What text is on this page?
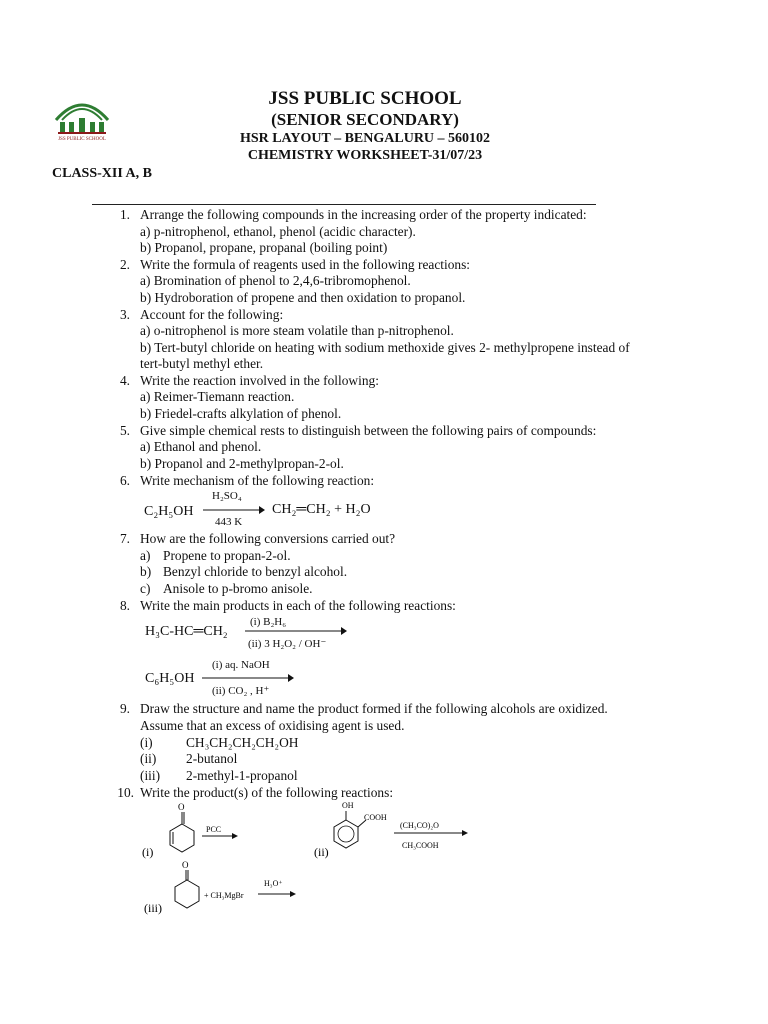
JSS PUBLIC SCHOOL
JSS PUBLIC SCHOOL
(SENIOR SECONDARY)
HSR LAYOUT – BENGALURU – 560102
CHEMISTRY WORKSHEET-31/07/23
CLASS-XII A, B
1. Arrange the following compounds in the increasing order of the property indicated:
a) p-nitrophenol, ethanol, phenol (acidic character).
b) Propanol, propane, propanal (boiling point)
2. Write the formula of reagents used in the following reactions:
a) Bromination of phenol to 2,4,6-tribromophenol.
b) Hydroboration of propene and then oxidation to propanol.
3. Account for the following:
a) o-nitrophenol is more steam volatile than p-nitrophenol.
b) Tert-butyl chloride on heating with sodium methoxide gives 2- methylpropene instead of
tert-butyl methyl ether.
4. Write the reaction involved in the following:
a) Reimer-Tiemann reaction.
b) Friedel-crafts alkylation of phenol.
5. Give simple chemical rests to distinguish between the following pairs of compounds:
a) Ethanol and phenol.
b) Propanol and 2-methylpropan-2-ol.
6. Write mechanism of the following reaction:
C₂H₅OH
H₂SO₄
443 K
CH₂═CH₂ + H₂O
7. How are the following conversions carried out?
a) Propene to propan-2-ol.
b) Benzyl chloride to benzyl alcohol.
c) Anisole to p-bromo anisole.
8. Write the main products in each of the following reactions:
H₃C-HC═CH₂
(i) B₂H₆
(ii) 3 H₂O₂ / OH⁻
C₆H₅OH
(i) aq. NaOH
(ii) CO₂ , H⁺
9. Draw the structure and name the product formed if the following alcohols are oxidized.
Assume that an excess of oxidising agent is used.
(i) CH₃CH₂CH₂CH₂OH
(ii) 2-butanol
(iii) 2-methyl-1-propanol
10. Write the product(s) of the following reactions:
(i)
O
PCC
(ii)
OH
COOH
(CH₃CO)₂O
CH₃COOH
(iii)
O
+ CH₃MgBr
H₃O⁺
